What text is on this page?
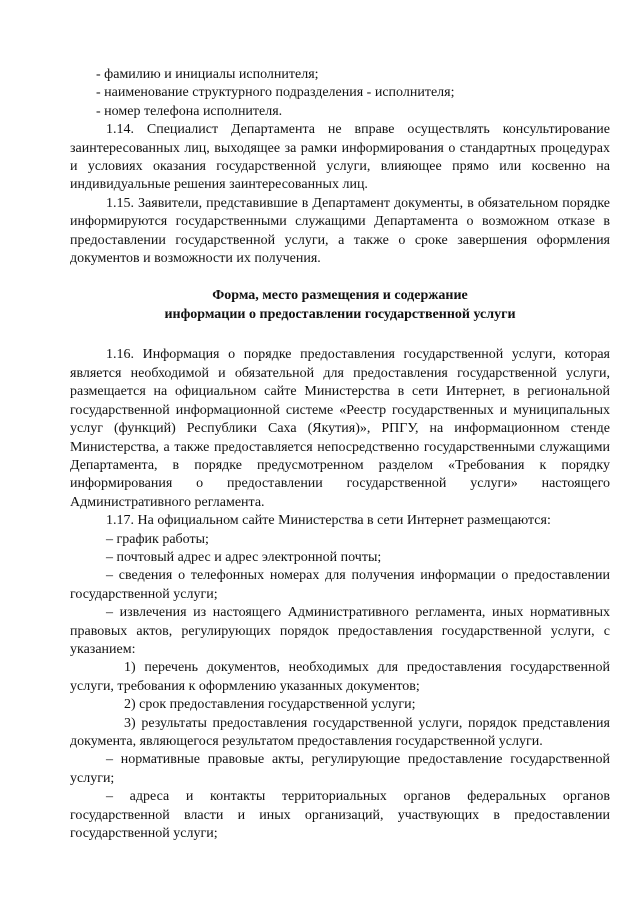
- фамилию и инициалы исполнителя;

- наименование структурного подразделения - исполнителя;

- номер телефона исполнителя.

1.14. Специалист Департамента не вправе осуществлять консультирование заинтересованных лиц, выходящее за рамки информирования о стандартных процедурах и условиях оказания государственной услуги, влияющее прямо или косвенно на индивидуальные решения заинтересованных лиц.

1.15. Заявители, представившие в Департамент документы, в обязательном порядке информируются государственными служащими Департамента о возможном отказе в предоставлении государственной услуги, а также о сроке завершения оформления документов и возможности их получения.

Форма, место размещения и содержание
информации о предоставлении государственной услуги

1.16. Информация о порядке предоставления государственной услуги, которая является необходимой и обязательной для предоставления государственной услуги, размещается на официальном сайте Министерства в сети Интернет, в региональной государственной информационной системе «Реестр государственных и муниципальных услуг (функций) Республики Саха (Якутия)», РПГУ, на информационном стенде Министерства, а также предоставляется непосредственно государственными служащими Департамента, в порядке предусмотренном разделом «Требования к порядку информирования о предоставлении государственной услуги» настоящего Административного регламента.

1.17. На официальном сайте Министерства в сети Интернет размещаются:

– график работы;

– почтовый адрес и адрес электронной почты;

– сведения о телефонных номерах для получения информации о предоставлении государственной услуги;

– извлечения из настоящего Административного регламента, иных нормативных правовых актов, регулирующих порядок предоставления государственной услуги, с указанием:

1) перечень документов, необходимых для предоставления государственной услуги, требования к оформлению указанных документов;

2) срок предоставления государственной услуги;

3) результаты предоставления государственной услуги, порядок представления документа, являющегося результатом предоставления государственной услуги.

– нормативные правовые акты, регулирующие предоставление государственной услуги;

– адреса и контакты территориальных органов федеральных органов государственной власти и иных организаций, участвующих в предоставлении государственной услуги;
